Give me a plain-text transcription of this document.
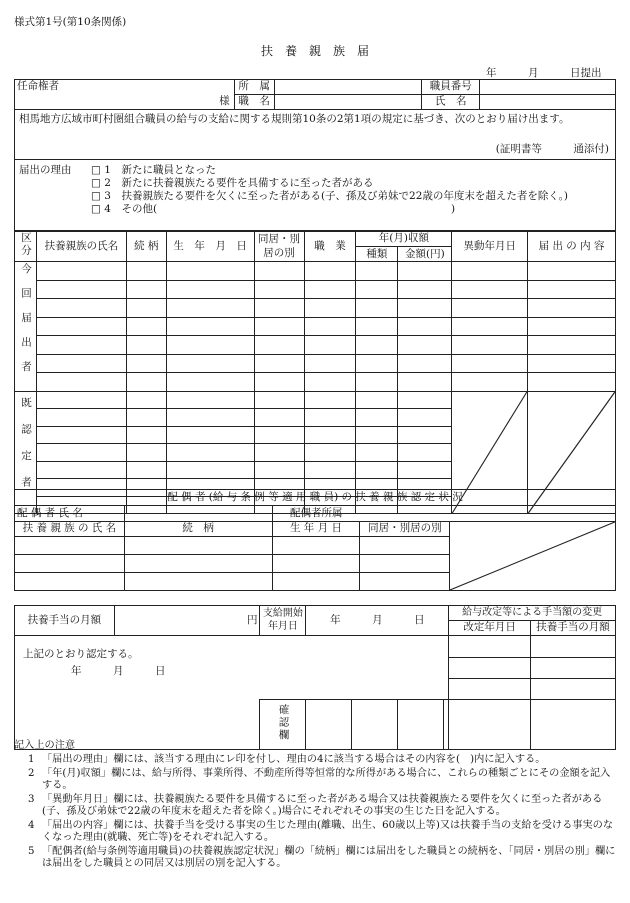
様式第1号(第10条関係)
扶　養　親　族　届
年　　　月　　　日提出
任命権者
様	所　属		職員番号	
	職　名		氏　名	

相馬地方広域市町村圏組合職員の給与の支給に関する規則第10条の2第1項の規定に基づき、次のとおり届け出ます。
(証明書等　　　通添付)				

届出の理由 □ 1　新たに職員となった
□ 2　新たに扶養親族たる要件を具備するに至った者がある
□ 3　扶養親族たる要件を欠くに至った者がある(子、孫及び弟妹で22歳の年度末を超えた者を除く。)
□ 4　その他(　　　　　　　　　　　　　　　　　　　　　　　　　　　　)				
区分	扶養親族の氏名	続 柄	生　年　月　日	同居・別居の別	職　業	年(月)収額		異動年月日	届 出 の 内 容
						種類	金額(円)		
今回届出者									

既認定者								

							配 偶 者 (給 与 条 例 等 適 用 職 員) の 扶 養 親 族 認 定 状 況				
配 偶 者 氏 名		配偶者所属		
扶 養 親 族 の 氏 名	続　柄	生 年 月 日	同居・別居の別	

扶養手当の月額	円	支給開始年月日	年　　　月　　　日				給与改定等による手当額の変更	
							改定年月日	扶養手当の月額

上記のとおり認定する。
年　　　月　　　日								

		確認欄						
記入上の注意
1 「届出の理由」欄には、該当する理由にレ印を付し、理由の4に該当する場合はその内容を(　)内に記入する。
2 「年(月)収額」欄には、給与所得、事業所得、不動産所得等恒常的な所得がある場合に、これらの種類ごとにその金額を記入する。
3 「異動年月日」欄には、扶養親族たる要件を具備するに至った者がある場合又は扶養親族たる要件を欠くに至った者がある(子、孫及び弟妹で22歳の年度末を超えた者を除く。)場合にそれぞれその事実の生じた日を記入する。
4 「届出の内容」欄には、扶養手当を受ける事実の生じた理由(離職、出生、60歳以上等)又は扶養手当の支給を受ける事実のなくなった理由(就職、死亡等)をそれぞれ記入する。
5 「配偶者(給与条例等適用職員)の扶養親族認定状況」欄の「続柄」欄には届出をした職員との続柄を、「同居・別居の別」欄には届出をした職員との同居又は別居の別を記入する。
